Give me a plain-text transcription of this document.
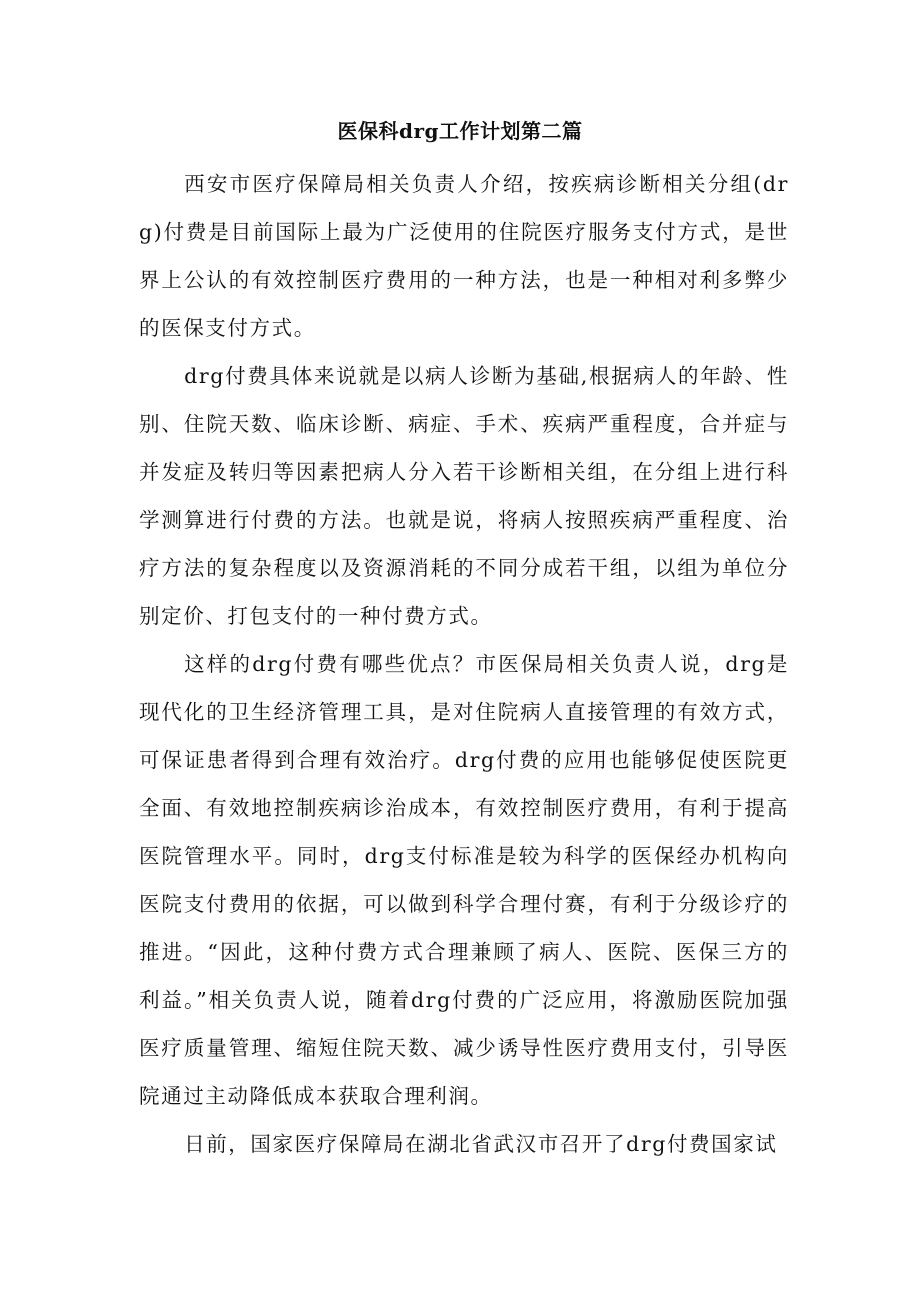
医保科drg工作计划第二篇

西安市医疗保障局相关负责人介绍，按疾病诊断相关分组(drg)付费是目前国际上最为广泛使用的住院医疗服务支付方式，是世界上公认的有效控制医疗费用的一种方法，也是一种相对利多弊少的医保支付方式。

drg付费具体来说就是以病人诊断为基础,根据病人的年龄、性别、住院天数、临床诊断、病症、手术、疾病严重程度，合并症与并发症及转归等因素把病人分入若干诊断相关组，在分组上进行科学测算进行付费的方法。也就是说，将病人按照疾病严重程度、治疗方法的复杂程度以及资源消耗的不同分成若干组，以组为单位分别定价、打包支付的一种付费方式。

这样的drg付费有哪些优点？市医保局相关负责人说，drg是现代化的卫生经济管理工具，是对住院病人直接管理的有效方式，可保证患者得到合理有效治疗。drg付费的应用也能够促使医院更全面、有效地控制疾病诊治成本，有效控制医疗费用，有利于提高医院管理水平。同时，drg支付标准是较为科学的医保经办机构向医院支付费用的依据，可以做到科学合理付赛，有利于分级诊疗的推进。“因此，这种付费方式合理兼顾了病人、医院、医保三方的利益。”相关负责人说，随着drg付费的广泛应用，将激励医院加强医疗质量管理、缩短住院天数、减少诱导性医疗费用支付，引导医院通过主动降低成本获取合理利润。

日前，国家医疗保障局在湖北省武汉市召开了drg付费国家试
